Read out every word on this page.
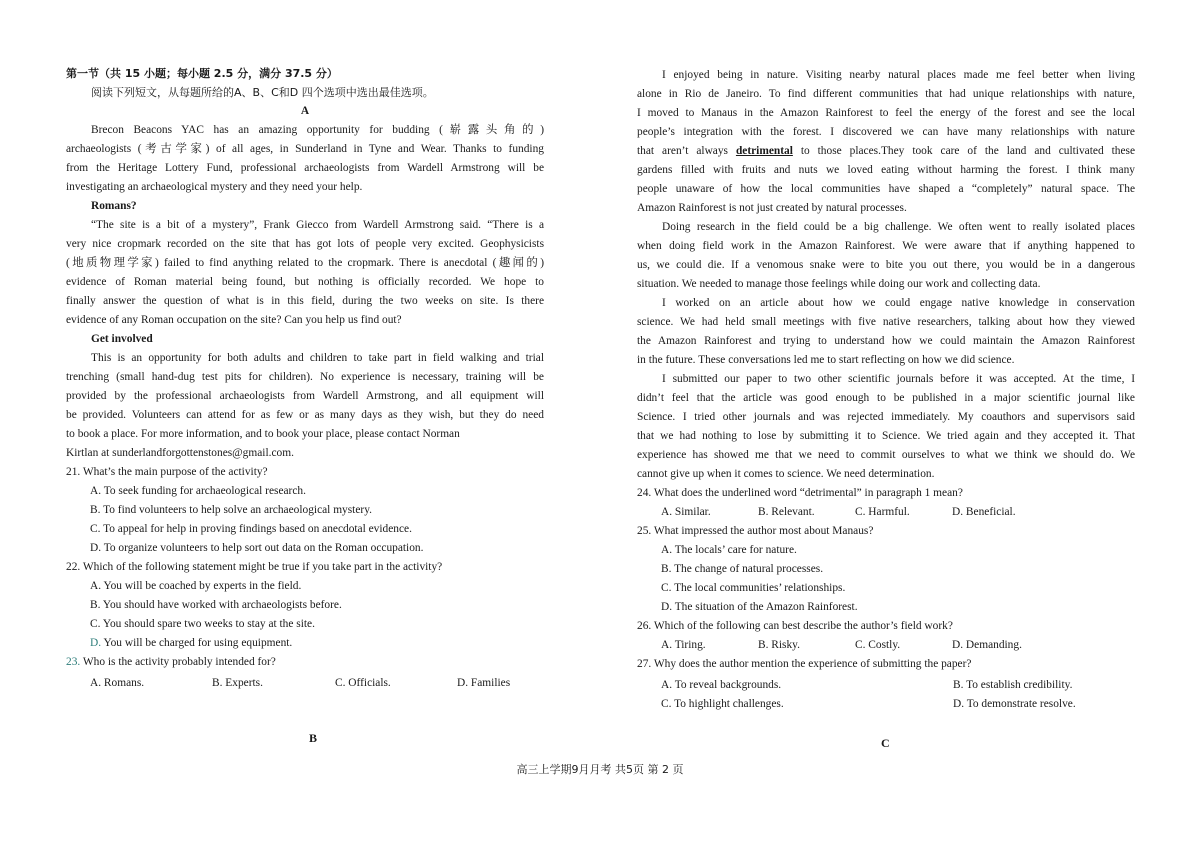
第一节（共 15 小题；每小题 2.5 分，满分 37.5 分）
阅读下列短文，从每题所给的A、B、C和D 四个选项中选出最佳选项。
A
Brecon Beacons YAC has an amazing opportunity for budding (崭露头角的)
archaeologists (考古学家) of all ages, in Sunderland in Tyne and Wear. Thanks to funding
from the Heritage Lottery Fund, professional archaeologists from Wardell Armstrong will be
investigating an archaeological mystery and they need your help.
Romans?
“The site is a bit of a mystery”, Frank Giecco from Wardell Armstrong said. “There is a
very nice cropmark recorded on the site that has got lots of people very excited. Geophysicists
(地质物理学家) failed to find anything related to the cropmark. There is anecdotal (趣闻的)
evidence of Roman material being found, but nothing is officially recorded. We hope to
finally answer the question of what is in this field, during the two weeks on site. Is there
evidence of any Roman occupation on the site? Can you help us find out?
Get involved
This is an opportunity for both adults and children to take part in field walking and trial
trenching (small hand-dug test pits for children). No experience is necessary, training will be
provided by the professional archaeologists from Wardell Armstrong, and all equipment will
be provided. Volunteers can attend for as few or as many days as they wish, but they do need
to book a place. For more information, and to book your place, please contact Norman
Kirtlan at sunderlandforgottenstones@gmail.com.
21. What’s the main purpose of the activity?
A. To seek funding for archaeological research.
B. To find volunteers to help solve an archaeological mystery.
C. To appeal for help in proving findings based on anecdotal evidence.
D. To organize volunteers to help sort out data on the Roman occupation.
22. Which of the following statement might be true if you take part in the activity?
A. You will be coached by experts in the field.
B. You should have worked with archaeologists before.
C. You should spare two weeks to stay at the site.
D. You will be charged for using equipment.
23. Who is the activity probably intended for?
A. Romans.	B. Experts.	C. Officials.	D. Families
B
I enjoyed being in nature. Visiting nearby natural places made me feel better when living
alone in Rio de Janeiro. To find different communities that had unique relationships with nature,
I moved to Manaus in the Amazon Rainforest to feel the energy of the forest and see the local
people’s integration with the forest. I discovered we can have many relationships with nature
that aren’t always detrimental to those places.They took care of the land and cultivated these
gardens filled with fruits and nuts we loved eating without harming the forest. I think many
people unaware of how the local communities have shaped a “completely” natural space. The
Amazon Rainforest is not just created by natural processes.
Doing research in the field could be a big challenge. We often went to really isolated places
when doing field work in the Amazon Rainforest. We were aware that if anything happened to
us, we could die. If a venomous snake were to bite you out there, you would be in a dangerous
situation. We needed to manage those feelings while doing our work and collecting data.
I worked on an article about how we could engage native knowledge in conservation
science. We had held small meetings with five native researchers, talking about how they viewed
the Amazon Rainforest and trying to understand how we could maintain the Amazon Rainforest
in the future. These conversations led me to start reflecting on how we did science.
I submitted our paper to two other scientific journals before it was accepted. At the time, I
didn’t feel that the article was good enough to be published in a major scientific journal like
Science. I tried other journals and was rejected immediately. My coauthors and supervisors said
that we had nothing to lose by submitting it to Science. We tried again and they accepted it. That
experience has showed me that we need to commit ourselves to what we think we should do. We
cannot give up when it comes to science. We need determination.
24. What does the underlined word “detrimental” in paragraph 1 mean?
A. Similar.	B. Relevant.	C. Harmful.	D. Beneficial.
25. What impressed the author most about Manaus?
A. The locals’ care for nature.
B. The change of natural processes.
C. The local communities’ relationships.
D. The situation of the Amazon Rainforest.
26. Which of the following can best describe the author’s field work?
A. Tiring.	B. Risky.	C. Costly.	D. Demanding.
27. Why does the author mention the experience of submitting the paper?
A. To reveal backgrounds.	B. To establish credibility.
C. To highlight challenges.	D. To demonstrate resolve.
C
高三上学期9月月考 共5页 第 2 页
